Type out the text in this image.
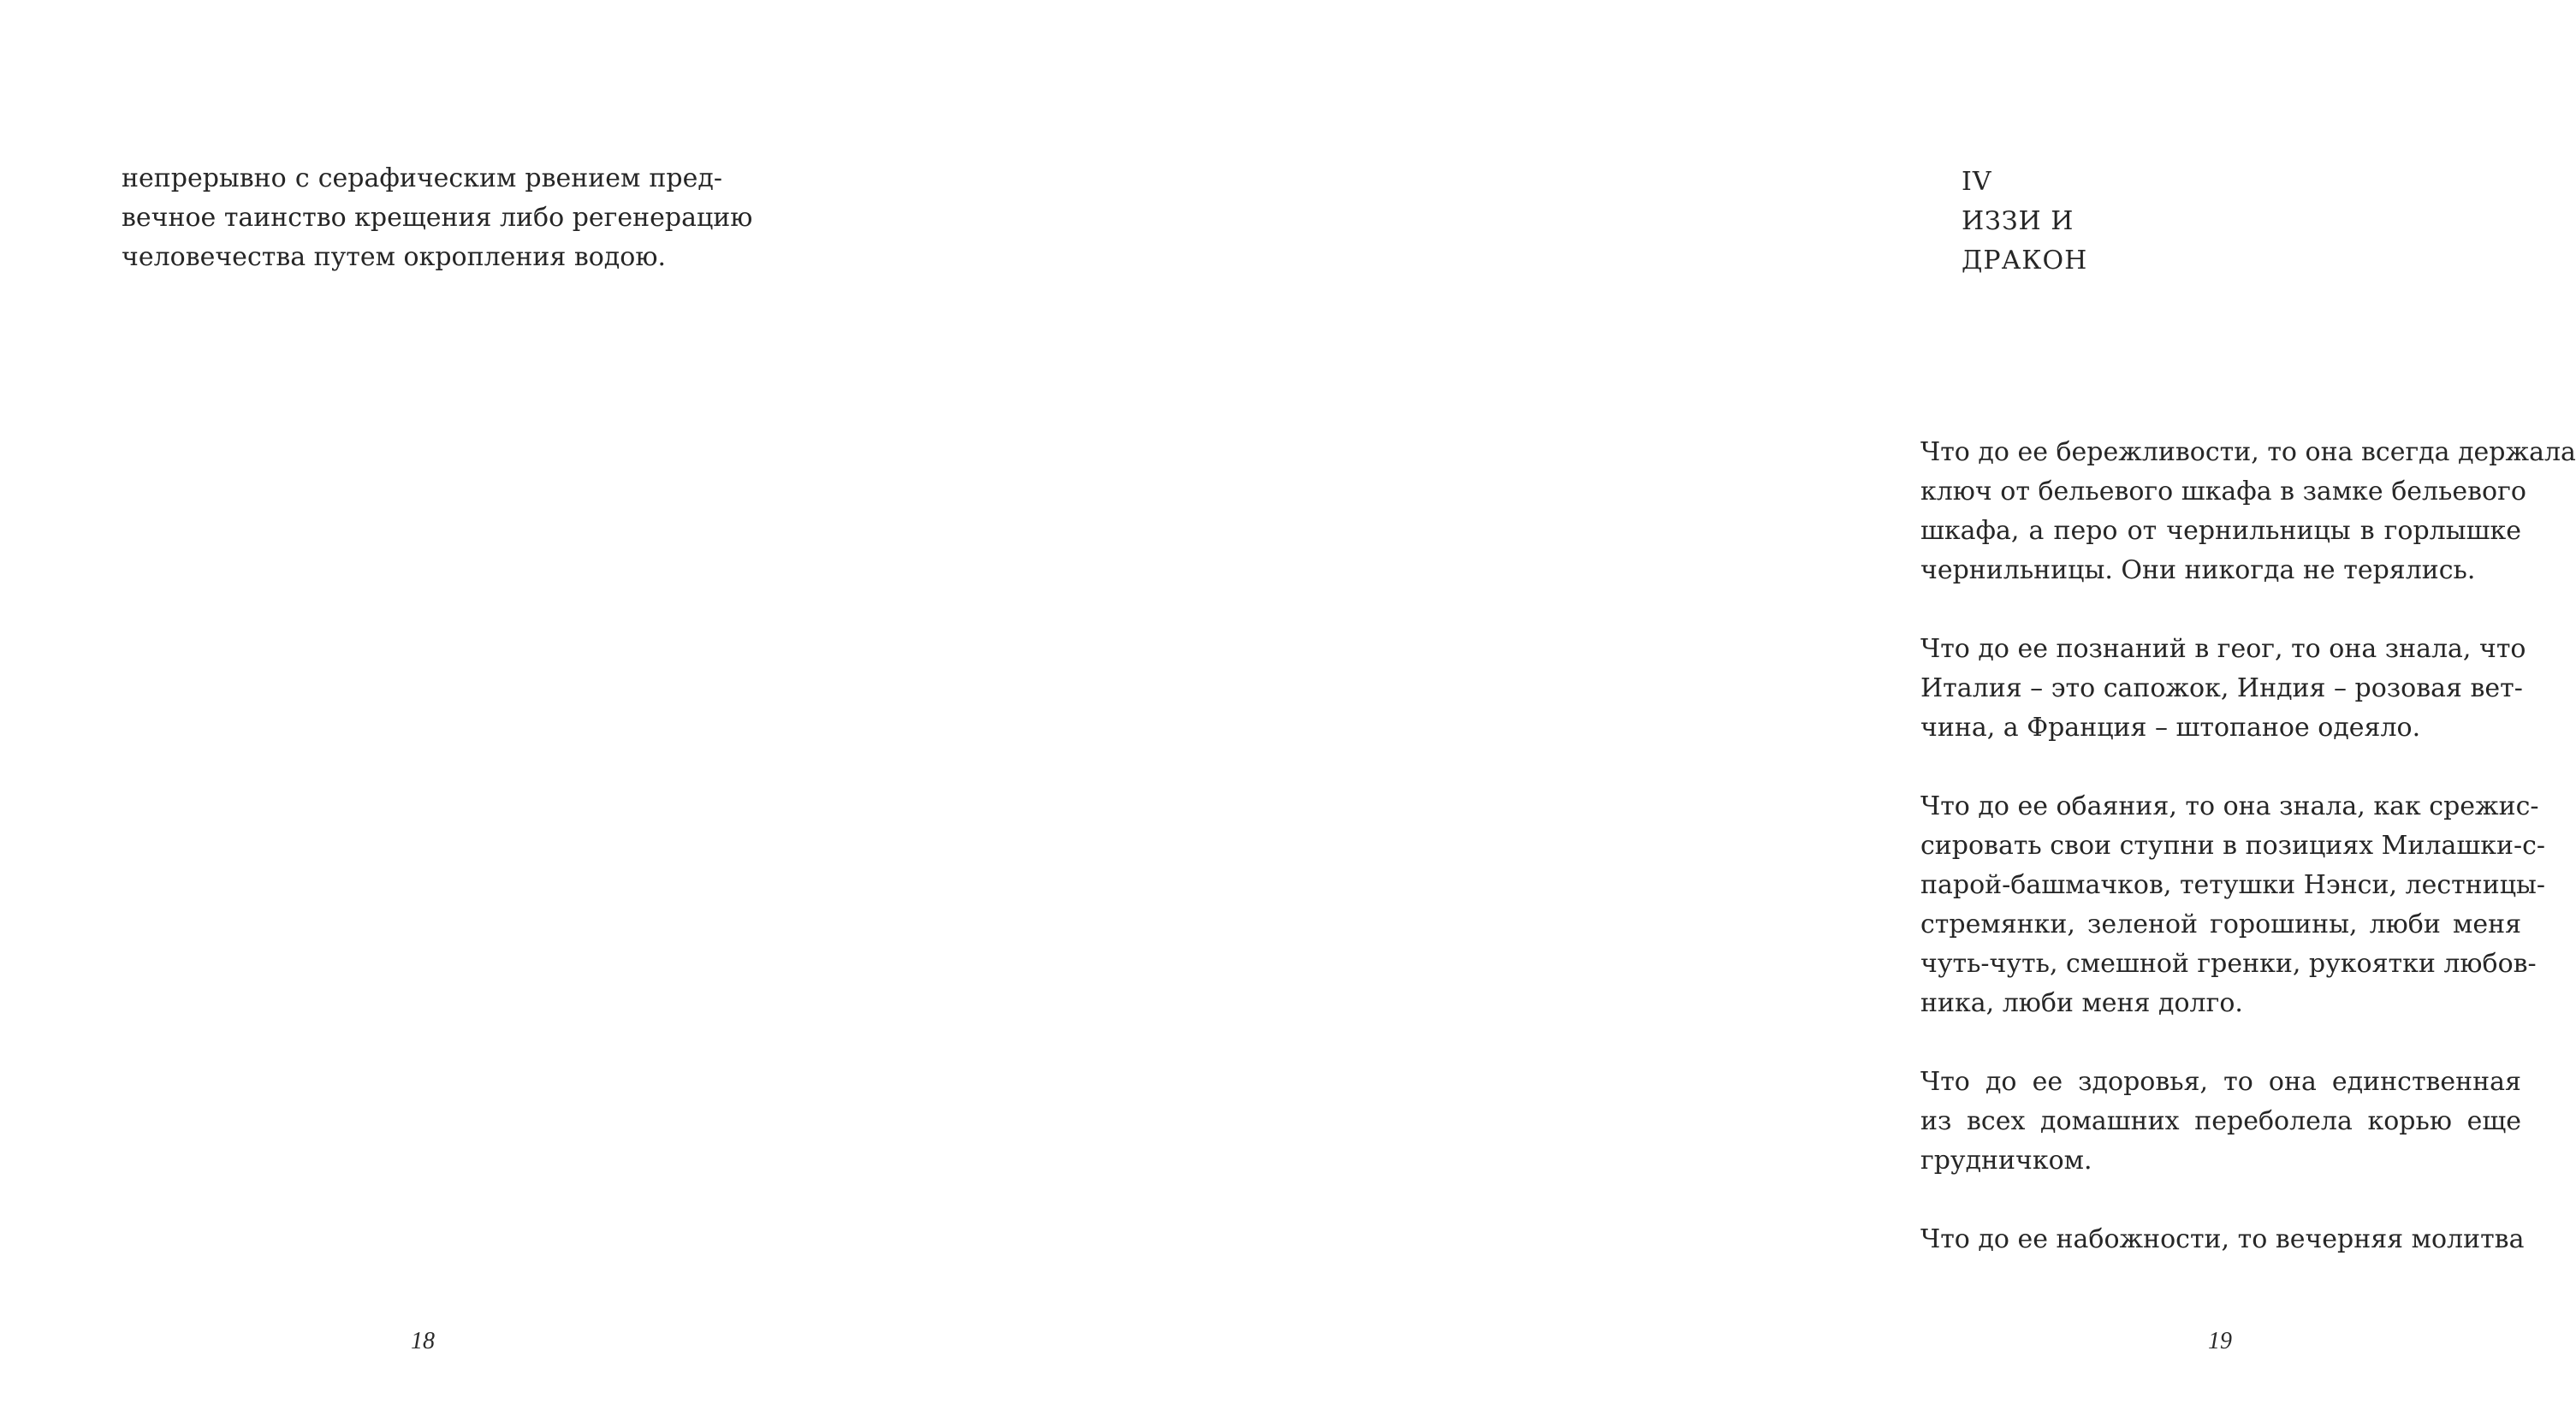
непрерывно с серафическим рвением пред-
вечное таинство крещения либо регенерацию
человечества путем окропления водою.
18
IV
ИЗЗИ И ДРАКОН
Что до ее бережливости, то она всегда держала
ключ от бельевого шкафа в замке бельевого
шкафа, а перо от чернильницы в горлышке
чернильницы. Они никогда не терялись.
Что до ее познаний в геог, то она знала, что
Италия – это сапожок, Индия – розовая вет-
чина, а Франция – штопаное одеяло.
Что до ее обаяния, то она знала, как срежис-
сировать свои ступни в позициях Милашки-с-
парой-башмачков, тетушки Нэнси, лестницы-
стремянки, зеленой горошины, люби меня
чуть-чуть, смешной гренки, рукоятки любов-
ника, люби меня долго.
Что до ее здоровья, то она единственная
из всех домашних переболела корью еще
грудничком.
Что до ее набожности, то вечерняя молитва
19
